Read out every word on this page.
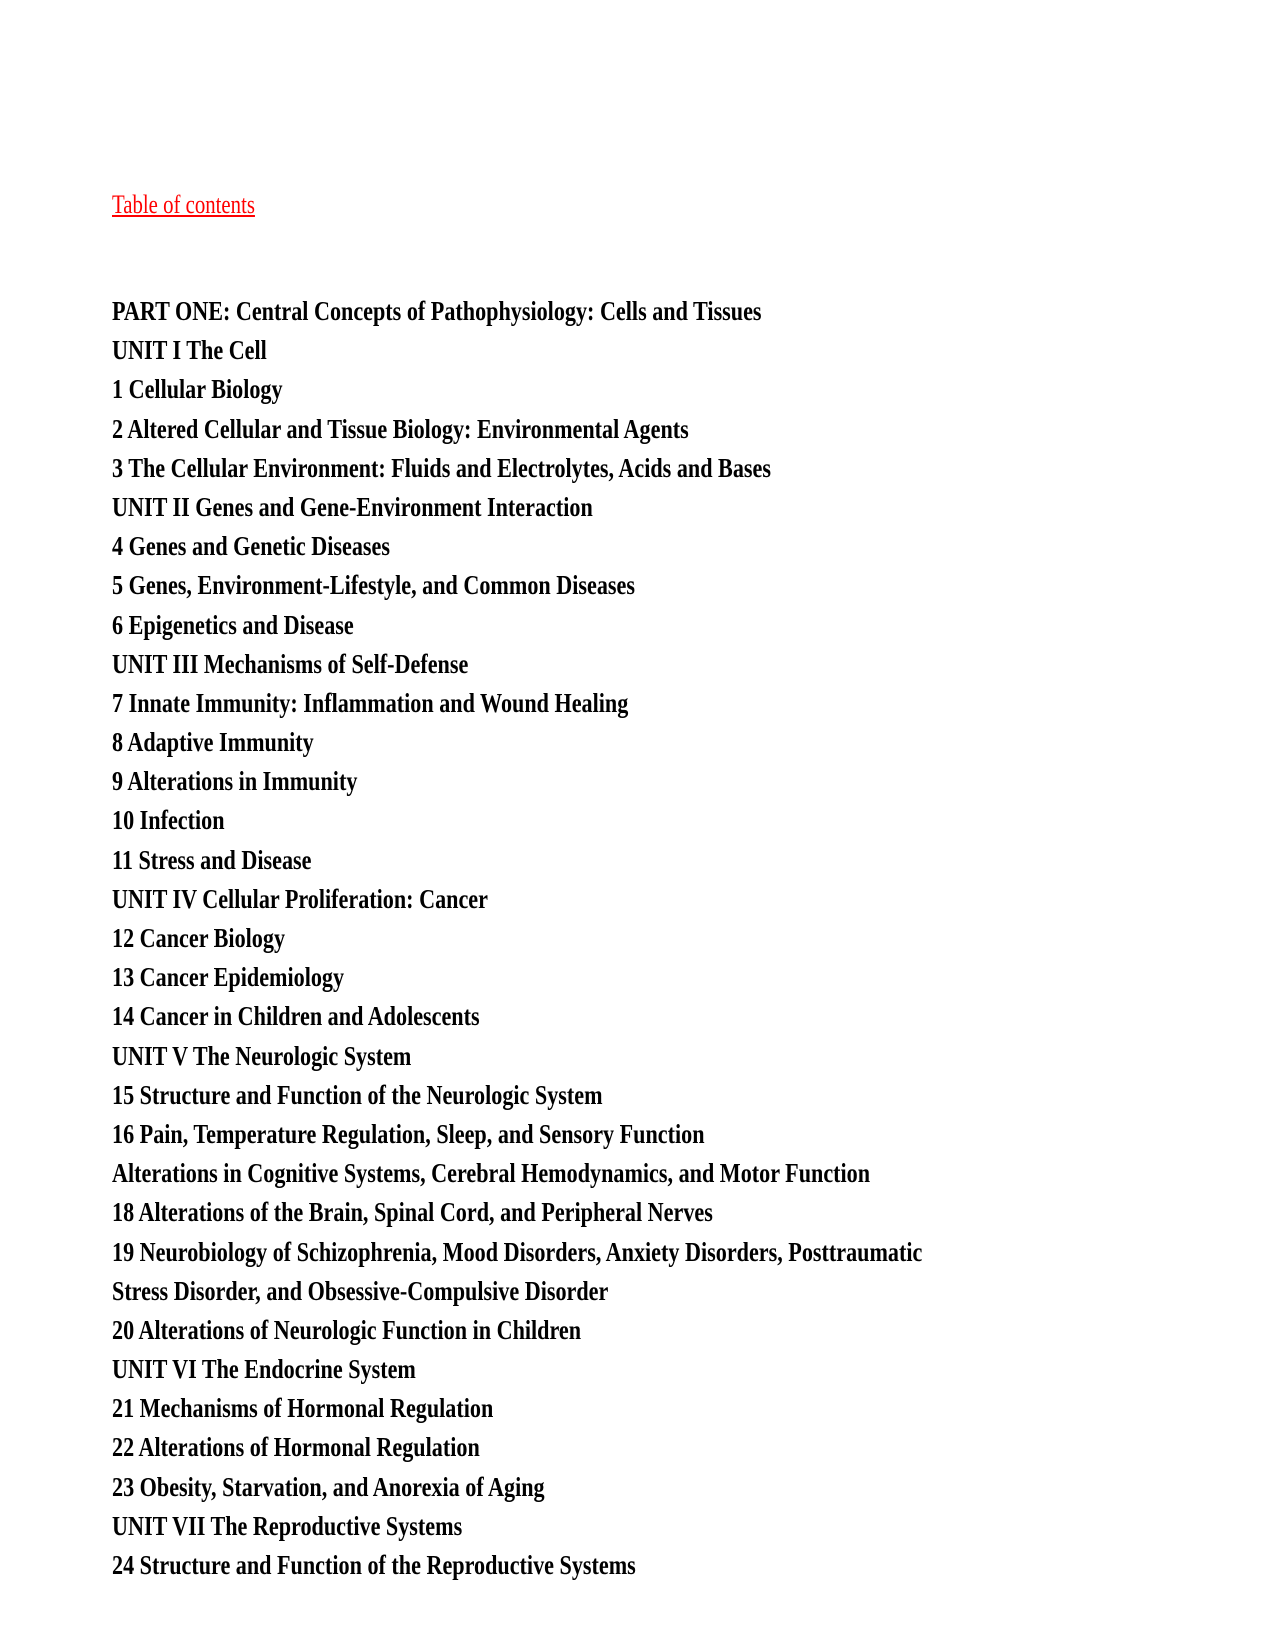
Table of contents
PART ONE: Central Concepts of Pathophysiology: Cells and Tissues
UNIT I The Cell
1 Cellular Biology
2 Altered Cellular and Tissue Biology: Environmental Agents
3 The Cellular Environment: Fluids and Electrolytes, Acids and Bases
UNIT II Genes and Gene-Environment Interaction
4 Genes and Genetic Diseases
5 Genes, Environment-Lifestyle, and Common Diseases
6 Epigenetics and Disease
UNIT III Mechanisms of Self-Defense
7 Innate Immunity: Inflammation and Wound Healing
8 Adaptive Immunity
9 Alterations in Immunity
10 Infection
11 Stress and Disease
UNIT IV Cellular Proliferation: Cancer
12 Cancer Biology
13 Cancer Epidemiology
14 Cancer in Children and Adolescents
UNIT V The Neurologic System
15 Structure and Function of the Neurologic System
16 Pain, Temperature Regulation, Sleep, and Sensory Function
Alterations in Cognitive Systems, Cerebral Hemodynamics, and Motor Function
18 Alterations of the Brain, Spinal Cord, and Peripheral Nerves
19 Neurobiology of Schizophrenia, Mood Disorders, Anxiety Disorders, Posttraumatic
Stress Disorder, and Obsessive-Compulsive Disorder
20 Alterations of Neurologic Function in Children
UNIT VI The Endocrine System
21 Mechanisms of Hormonal Regulation
22 Alterations of Hormonal Regulation
23 Obesity, Starvation, and Anorexia of Aging
UNIT VII The Reproductive Systems
24 Structure and Function of the Reproductive Systems
